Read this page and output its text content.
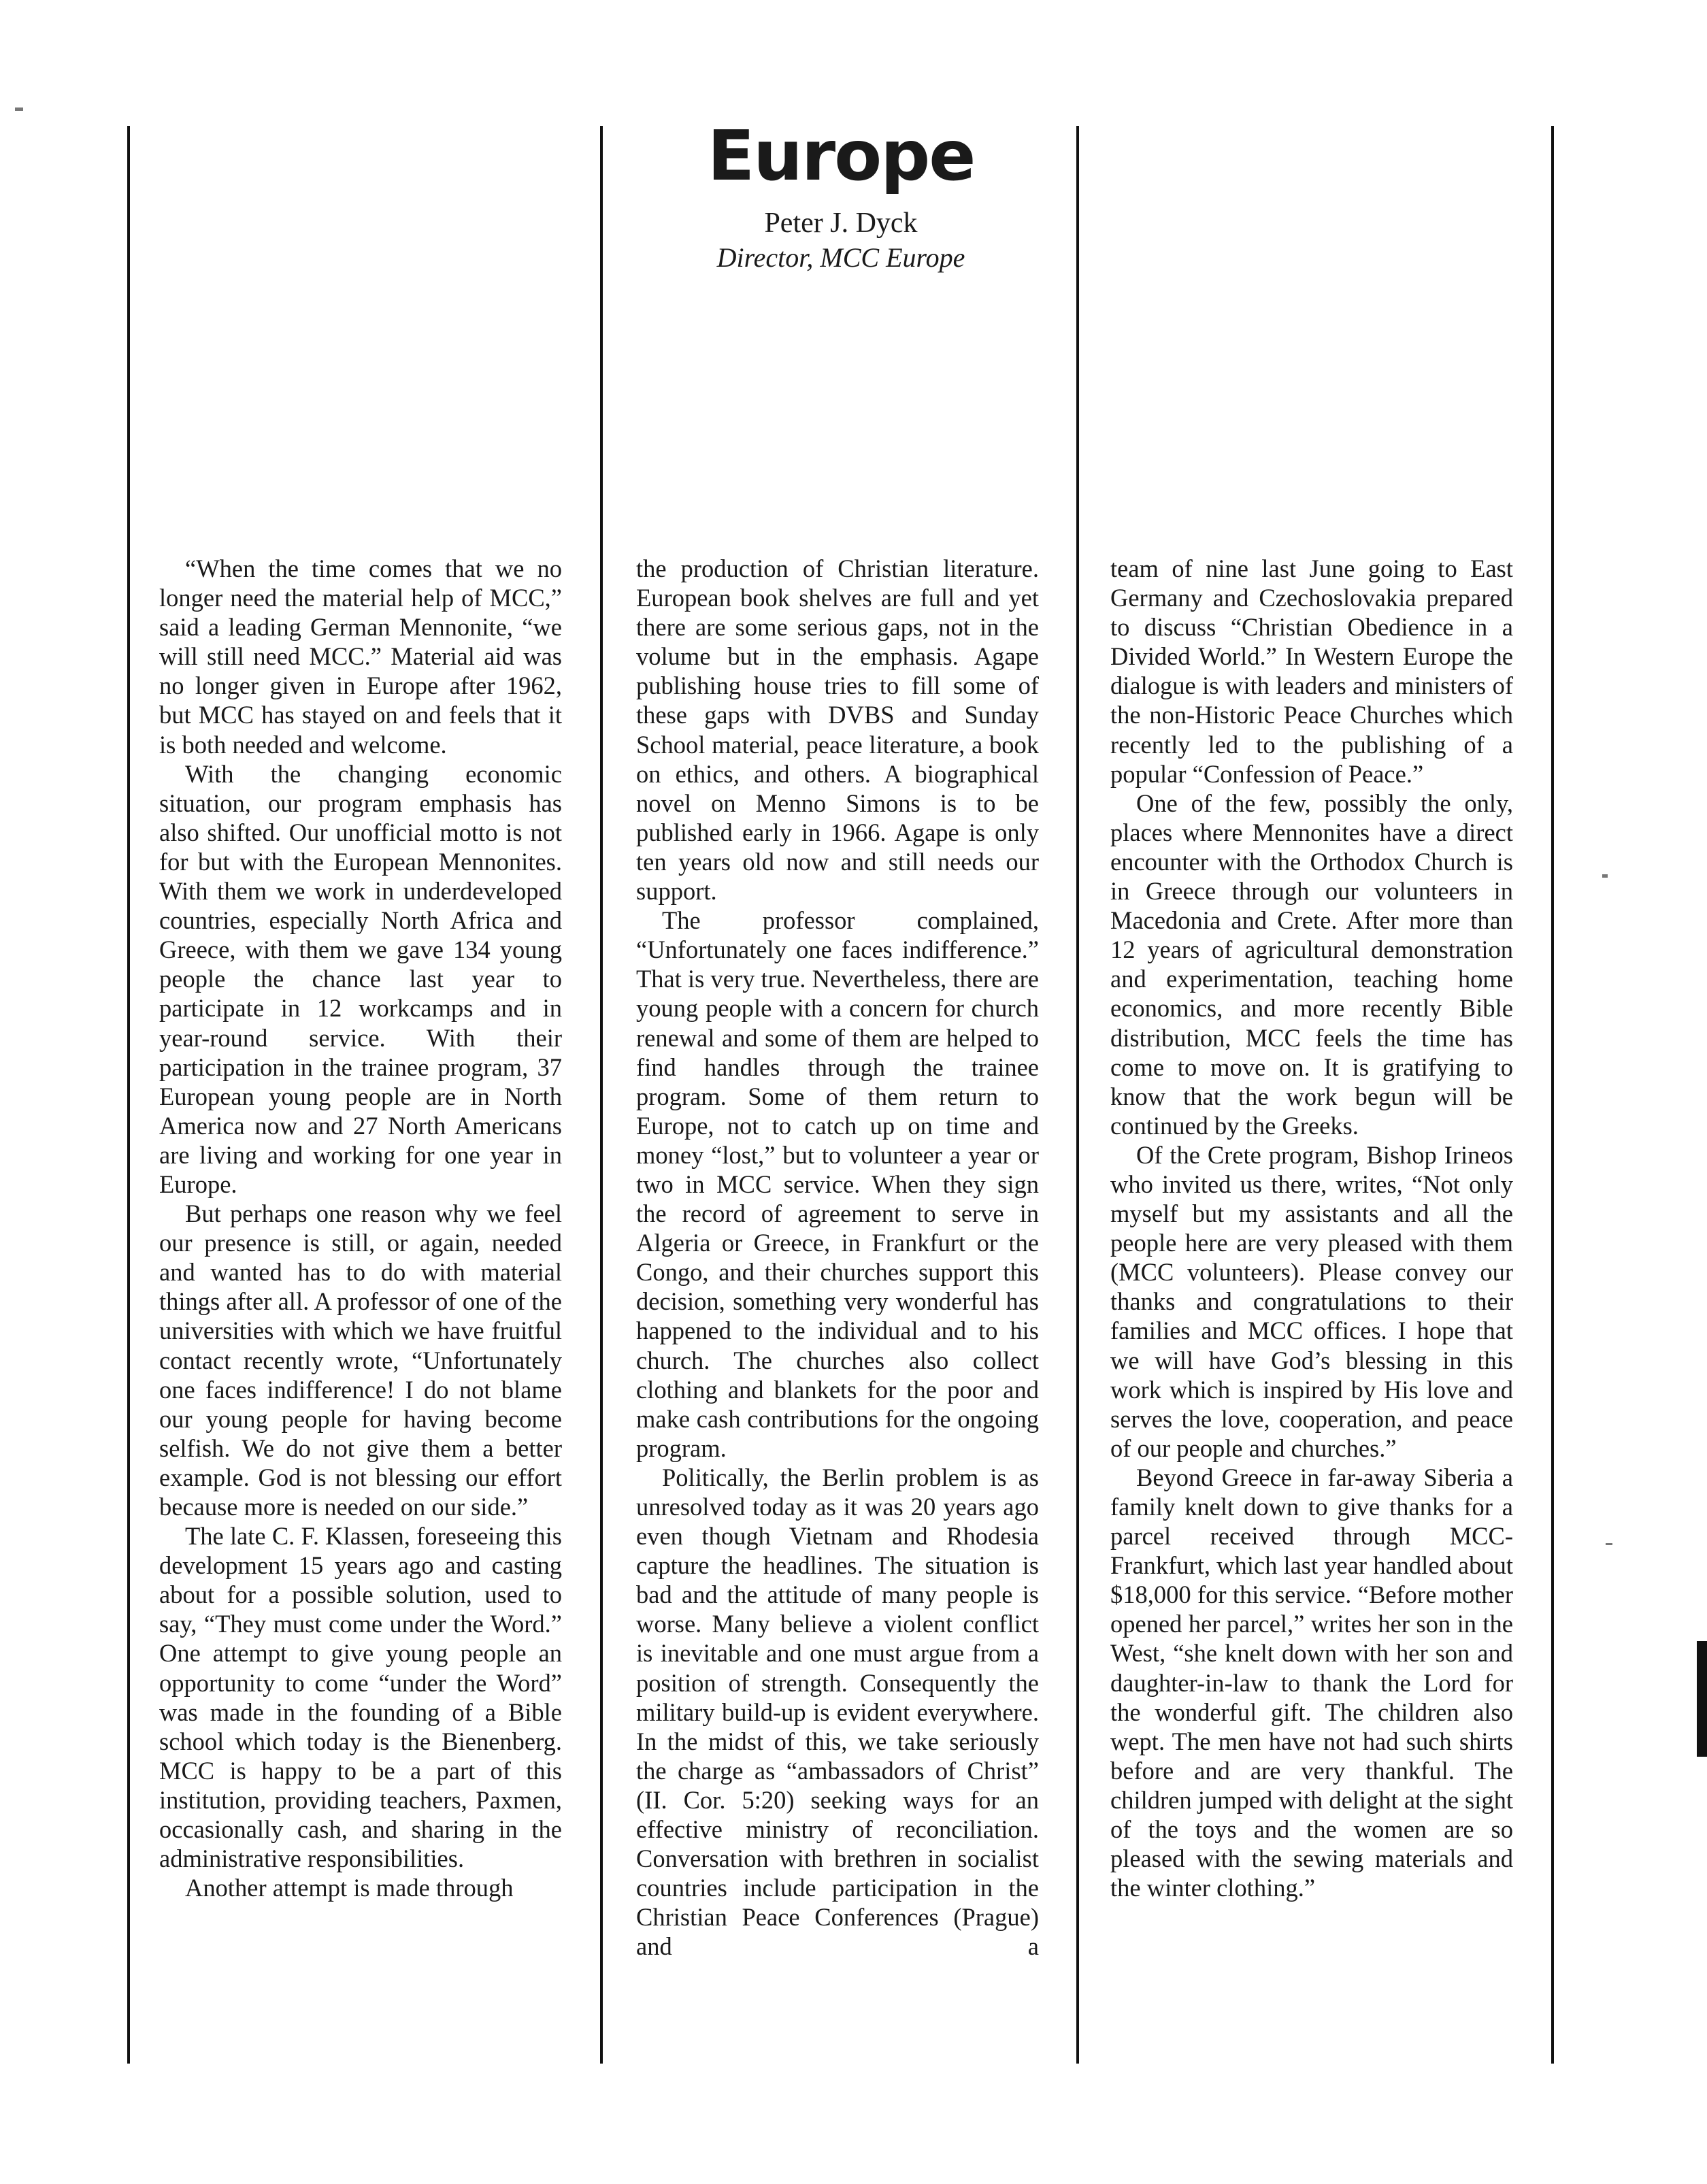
Europe
Peter J. Dyck
Director, MCC Europe

“When the time comes that we no longer need the material help of MCC,” said a leading German Mennonite, “we will still need MCC.” Material aid was no longer given in Europe after 1962, but MCC has stayed on and feels that it is both needed and welcome.

With the changing economic situation, our program emphasis has also shifted. Our unofficial motto is not for but with the European Mennonites. With them we work in underdeveloped countries, especially North Africa and Greece, with them we gave 134 young people the chance last year to participate in 12 workcamps and in year-round service. With their participation in the trainee program, 37 European young people are in North America now and 27 North Americans are living and working for one year in Europe.

But perhaps one reason why we feel our presence is still, or again, needed and wanted has to do with material things after all. A professor of one of the universities with which we have fruitful contact recently wrote, “Unfortunately one faces indifference! I do not blame our young people for having become selfish. We do not give them a better example. God is not blessing our effort because more is needed on our side.”

The late C. F. Klassen, foreseeing this development 15 years ago and casting about for a possible solution, used to say, “They must come under the Word.” One attempt to give young people an opportunity to come “under the Word” was made in the founding of a Bible school which today is the Bienenberg. MCC is happy to be a part of this institution, providing teachers, Paxmen, occasionally cash, and sharing in the administrative responsibilities.

Another attempt is made through

the production of Christian literature. European book shelves are full and yet there are some serious gaps, not in the volume but in the emphasis. Agape publishing house tries to fill some of these gaps with DVBS and Sunday School material, peace literature, a book on ethics, and others. A biographical novel on Menno Simons is to be published early in 1966. Agape is only ten years old now and still needs our support.

The professor complained, “Unfortunately one faces indifference.” That is very true. Nevertheless, there are young people with a concern for church renewal and some of them are helped to find handles through the trainee program. Some of them return to Europe, not to catch up on time and money “lost,” but to volunteer a year or two in MCC service. When they sign the record of agreement to serve in Algeria or Greece, in Frankfurt or the Congo, and their churches support this decision, something very wonderful has happened to the individual and to his church. The churches also collect clothing and blankets for the poor and make cash contributions for the ongoing program.

Politically, the Berlin problem is as unresolved today as it was 20 years ago even though Vietnam and Rhodesia capture the headlines. The situation is bad and the attitude of many people is worse. Many believe a violent conflict is inevitable and one must argue from a position of strength. Consequently the military build-up is evident everywhere. In the midst of this, we take seriously the charge as “ambassadors of Christ” (II. Cor. 5:20) seeking ways for an effective ministry of reconciliation. Conversation with brethren in socialist countries include participation in the Christian Peace Conferences (Prague) and a

team of nine last June going to East Germany and Czechoslovakia prepared to discuss “Christian Obedience in a Divided World.” In Western Europe the dialogue is with leaders and ministers of the non-Historic Peace Churches which recently led to the publishing of a popular “Confession of Peace.”

One of the few, possibly the only, places where Mennonites have a direct encounter with the Orthodox Church is in Greece through our volunteers in Macedonia and Crete. After more than 12 years of agricultural demonstration and experimentation, teaching home economics, and more recently Bible distribution, MCC feels the time has come to move on. It is gratifying to know that the work begun will be continued by the Greeks.

Of the Crete program, Bishop Irineos who invited us there, writes, “Not only myself but my assistants and all the people here are very pleased with them (MCC volunteers). Please convey our thanks and congratulations to their families and MCC offices. I hope that we will have God’s blessing in this work which is inspired by His love and serves the love, cooperation, and peace of our people and churches.”

Beyond Greece in far-away Siberia a family knelt down to give thanks for a parcel received through MCC-Frankfurt, which last year handled about $18,000 for this service. “Before mother opened her parcel,” writes her son in the West, “she knelt down with her son and daughter-in-law to thank the Lord for the wonderful gift. The children also wept. The men have not had such shirts before and are very thankful. The children jumped with delight at the sight of the toys and the women are so pleased with the sewing materials and the winter clothing.”
